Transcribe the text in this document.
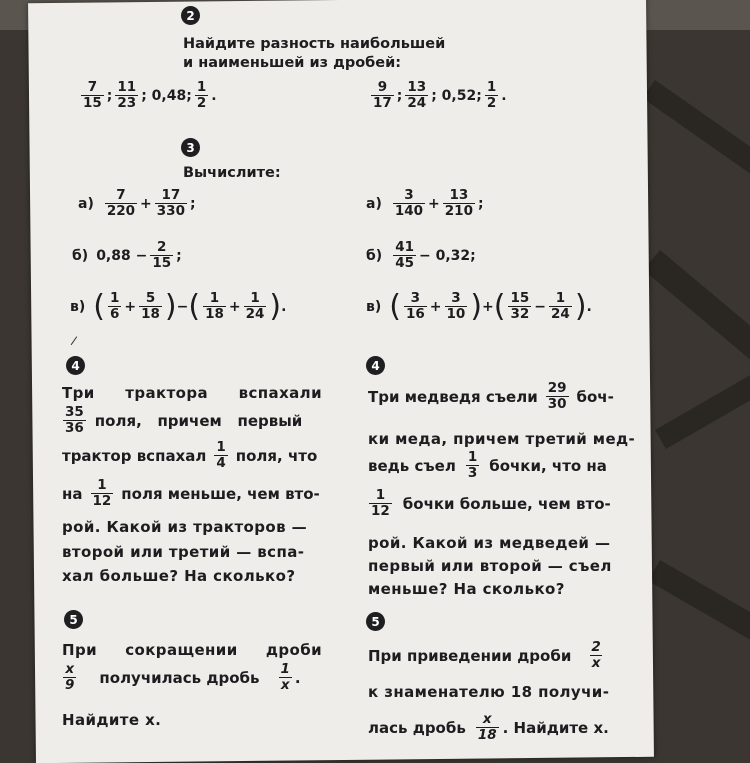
2
Найдите разность наибольшей
и наименьшей из дробей:
$\frac{7}{15}$ ; $\frac{11}{23}$ ; 0,48; $\frac{1}{2}$ .	$\frac{9}{17}$ ; $\frac{13}{24}$ ; 0,52; $\frac{1}{2}$ .
3
Вычислите:
$а) \frac{7}{220} + \frac{17}{330}$ ;
б) $0,88 - \frac{2}{15}$ ;
в) ( $\frac{1}{6} + \frac{5}{18}$ ) − ( $\frac{1}{18} + \frac{1}{24}$ ) .
$а) \frac{3}{140} + \frac{13}{210}$ ;
$б) \frac{41}{45} - 0,32$;
в) ( $\frac{3}{16} + \frac{3}{10}$ ) + ( $\frac{15}{32} - \frac{1}{24}$ ) .
4
Три трактора вспахали
$\frac{35}{36}$ поля,   причем   первый
трактор вспахал $\frac{1}{4}$ поля, что
на $\frac{1}{12}$ поля меньше, чем вто-
рой. Какой из тракторов —
второй или третий — вспа-
хал больше? На сколько?
4
Три медведя съели $\frac{29}{30} боч-$
ки меда, причем третий мед-
ведь съел $\frac{1}{3}$ бочки, что на
$\frac{1}{12}$ бочки больше, чем вто-
рой. Какой из медведей —
первый или второй — съел
меньше? На сколько?
5
При сокращении дроби
$\frac{x}{9}$ получилась дробь $\frac{1}{x}$ .
Найдите x.
5
При приведении дроби $\frac{2}{x}$
к знаменателю 18 получи-
лась дробь $\frac{x}{18}$ . Найдите x.
